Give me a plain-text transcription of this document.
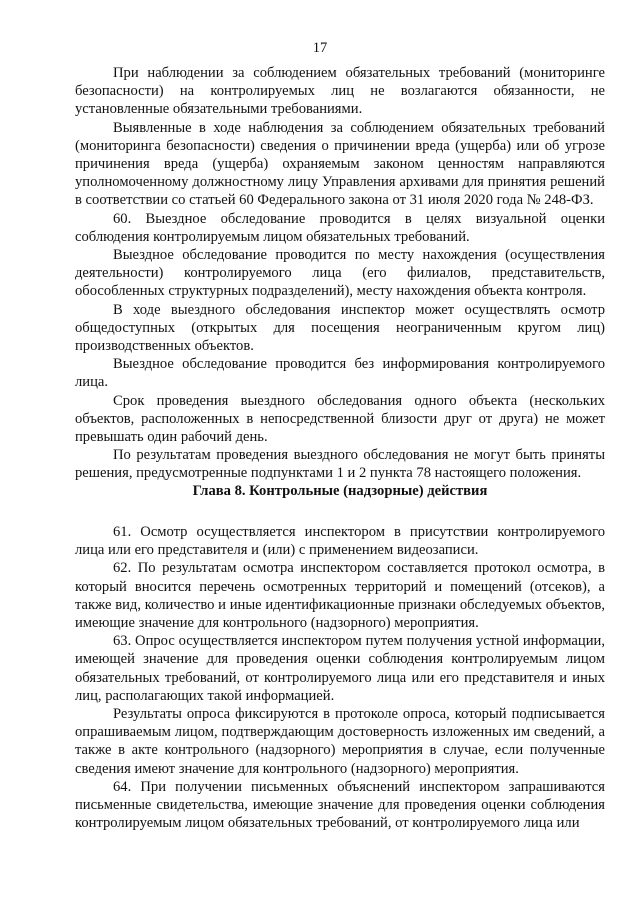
17

При наблюдении за соблюдением обязательных требований (мониторинге безопасности) на контролируемых лиц не возлагаются обязанности, не установленные обязательными требованиями.

Выявленные в ходе наблюдения за соблюдением обязательных требований (мониторинга безопасности) сведения о причинении вреда (ущерба) или об угрозе причинения вреда (ущерба) охраняемым законом ценностям направляются уполномоченному должностному лицу Управления архивами для принятия решений в соответствии со статьей 60 Федерального закона от 31 июля 2020 года № 248-ФЗ.

60. Выездное обследование проводится в целях визуальной оценки соблюдения контролируемым лицом обязательных требований.

Выездное обследование проводится по месту нахождения (осуществления деятельности) контролируемого лица (его филиалов, представительств, обособленных структурных подразделений), месту нахождения объекта контроля.

В ходе выездного обследования инспектор может осуществлять осмотр общедоступных (открытых для посещения неограниченным кругом лиц) производственных объектов.

Выездное обследование проводится без информирования контролируемого лица.

Срок проведения выездного обследования одного объекта (нескольких объектов, расположенных в непосредственной близости друг от друга) не может превышать один рабочий день.

По результатам проведения выездного обследования не могут быть приняты решения, предусмотренные подпунктами 1 и 2 пункта 78 настоящего положения.

Глава 8. Контрольные (надзорные) действия

61. Осмотр осуществляется инспектором в присутствии контролируемого лица или его представителя и (или) с применением видеозаписи.

62. По результатам осмотра инспектором составляется протокол осмотра, в который вносится перечень осмотренных территорий и помещений (отсеков), а также вид, количество и иные идентификационные признаки обследуемых объектов, имеющие значение для контрольного (надзорного) мероприятия.

63. Опрос осуществляется инспектором путем получения устной информации, имеющей значение для проведения оценки соблюдения контролируемым лицом обязательных требований, от контролируемого лица или его представителя и иных лиц, располагающих такой информацией.

Результаты опроса фиксируются в протоколе опроса, который подписывается опрашиваемым лицом, подтверждающим достоверность изложенных им сведений, а также в акте контрольного (надзорного) мероприятия в случае, если полученные сведения имеют значение для контрольного (надзорного) мероприятия.

64. При получении письменных объяснений инспектором запрашиваются письменные свидетельства, имеющие значение для проведения оценки соблюдения контролируемым лицом обязательных требований, от контролируемого лица или
